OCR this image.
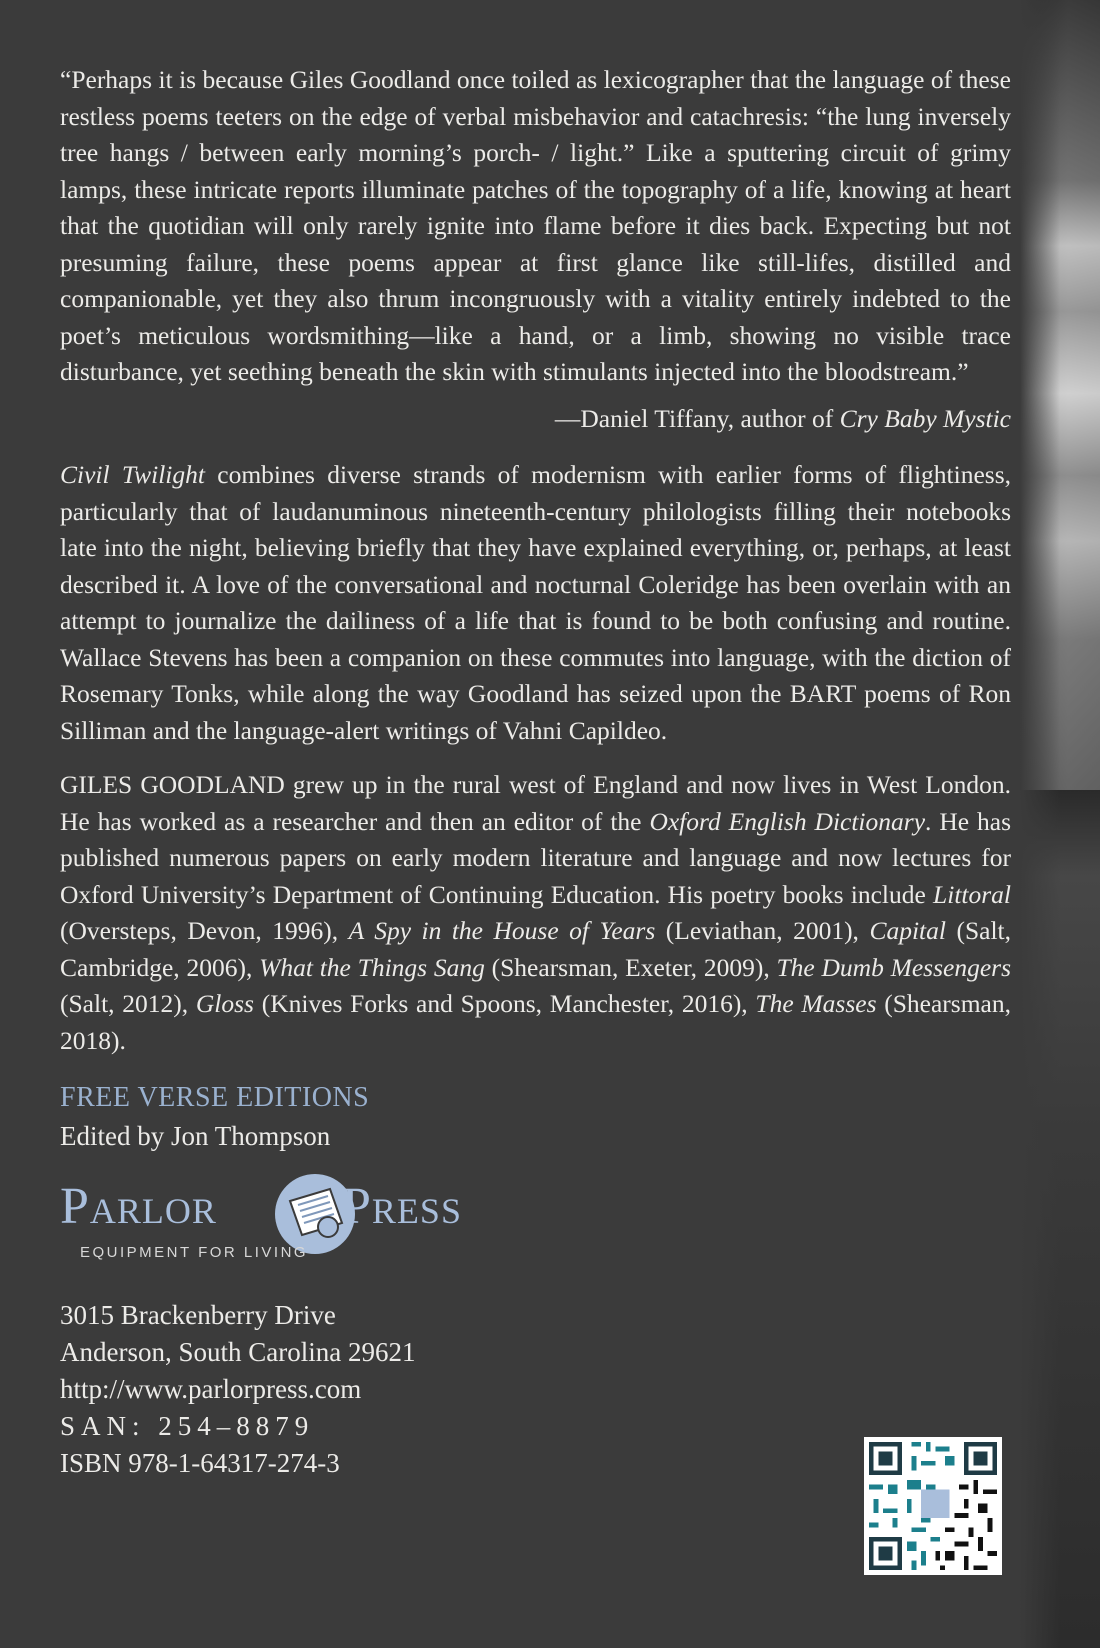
“Perhaps it is because Giles Goodland once toiled as lexicographer that the language of these restless poems teeters on the edge of verbal misbehavior and catachresis: “the lung inversely tree hangs / between early morning’s porch- / light.” Like a sputtering circuit of grimy lamps, these intricate reports illuminate patches of the topography of a life, knowing at heart that the quotidian will only rarely ignite into flame before it dies back. Expecting but not presuming failure, these poems appear at first glance like still-lifes, distilled and companionable, yet they also thrum incongruously with a vitality entirely indebted to the poet’s meticulous wordsmithing—like a hand, or a limb, showing no visible trace disturbance, yet seething beneath the skin with stimulants injected into the bloodstream.”

—Daniel Tiffany, author of Cry Baby Mystic

Civil Twilight combines diverse strands of modernism with earlier forms of flightiness, particularly that of laudanuminous nineteenth-century philologists filling their notebooks late into the night, believing briefly that they have explained everything, or, perhaps, at least described it. A love of the conversational and nocturnal Coleridge has been overlain with an attempt to journalize the dailiness of a life that is found to be both confusing and routine. Wallace Stevens has been a companion on these commutes into language, with the diction of Rosemary Tonks, while along the way Goodland has seized upon the BART poems of Ron Silliman and the language-alert writings of Vahni Capildeo.

GILES GOODLAND grew up in the rural west of England and now lives in West London. He has worked as a researcher and then an editor of the Oxford English Dictionary. He has published numerous papers on early modern literature and language and now lectures for Oxford University’s Department of Continuing Education. His poetry books include Littoral (Oversteps, Devon, 1996), A Spy in the House of Years (Leviathan, 2001), Capital (Salt, Cambridge, 2006), What the Things Sang (Shearsman, Exeter, 2009), The Dumb Messengers (Salt, 2012), Gloss (Knives Forks and Spoons, Manchester, 2016), The Masses (Shearsman, 2018).

FREE VERSE EDITIONS
Edited by Jon Thompson
Parlor Press
EQUIPMENT FOR LIVING
3015 Brackenberry Drive
Anderson, South Carolina 29621
http://www.parlorpress.com
SAN: 254–8879
ISBN 978-1-64317-274-3
